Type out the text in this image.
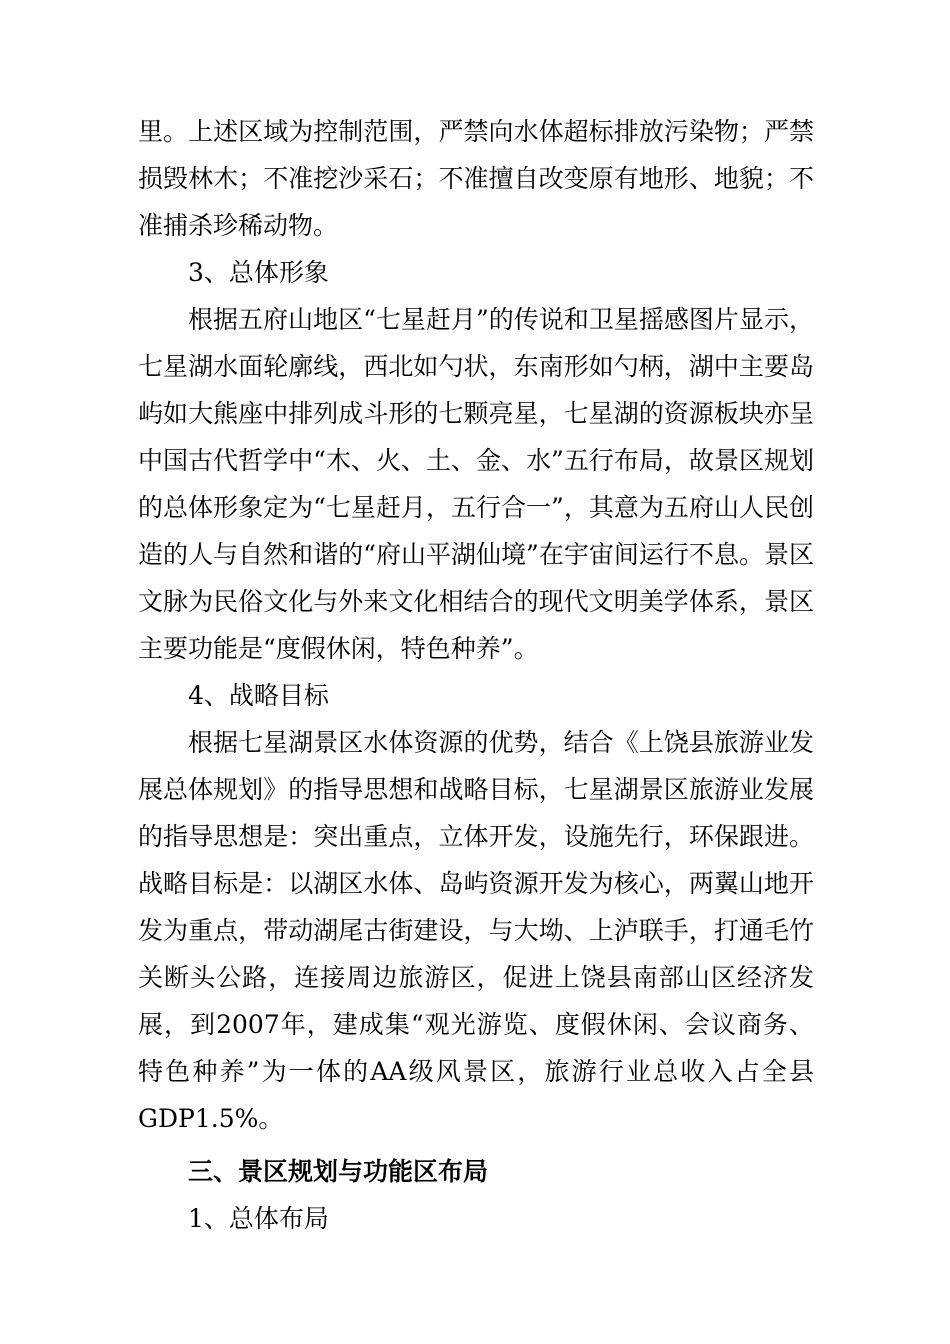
里。上述区域为控制范围，严禁向水体超标排放污染物；严禁损毁林木；不准挖沙采石；不准擅自改变原有地形、地貌；不准捕杀珍稀动物。

3、总体形象

根据五府山地区“七星赶月”的传说和卫星摇感图片显示，七星湖水面轮廓线，西北如勺状，东南形如勺柄，湖中主要岛屿如大熊座中排列成斗形的七颗亮星，七星湖的资源板块亦呈中国古代哲学中“木、火、土、金、水”五行布局，故景区规划的总体形象定为“七星赶月，五行合一”，其意为五府山人民创造的人与自然和谐的“府山平湖仙境”在宇宙间运行不息。景区文脉为民俗文化与外来文化相结合的现代文明美学体系，景区主要功能是“度假休闲，特色种养”。

4、战略目标

根据七星湖景区水体资源的优势，结合《上饶县旅游业发展总体规划》的指导思想和战略目标，七星湖景区旅游业发展的指导思想是：突出重点，立体开发，设施先行，环保跟进。战略目标是：以湖区水体、岛屿资源开发为核心，两翼山地开发为重点，带动湖尾古街建设，与大坳、上泸联手，打通毛竹关断头公路，连接周边旅游区，促进上饶县南部山区经济发展，到2007年，建成集“观光游览、度假休闲、会议商务、特色种养”为一体的AA级风景区，旅游行业总收入占全县GDP1.5%。

三、景区规划与功能区布局

1、总体布局
